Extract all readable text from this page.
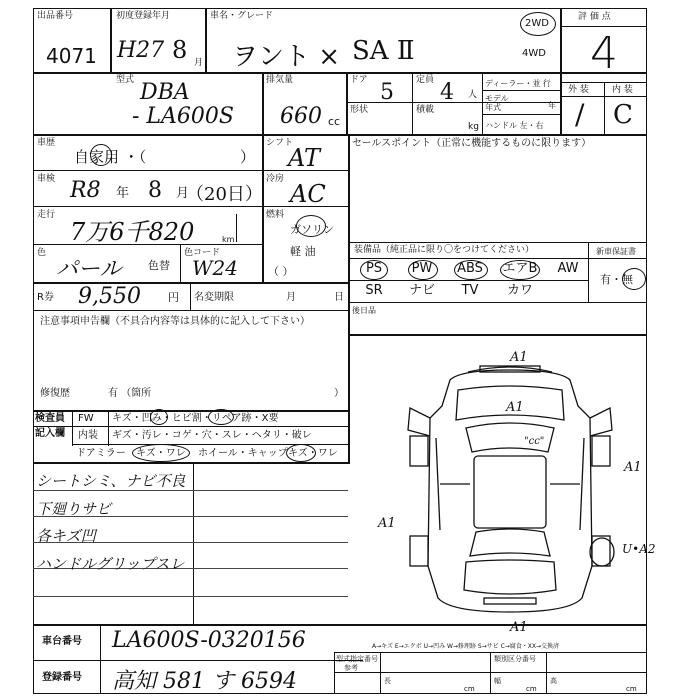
出品番号
4071
初度登録年月
H27 8 月
車名・グレード
ヲント × SA Ⅱ
2WD
4WD
評 価 点
4
外 装	内 装
/ C
型式 DBA
- LA600S
排気量
660 cc
ドア 5 定員 4 人
形状	積載
kg
ディーラー・並 行
モデル年式	年
ハンドル 左・右
車歴
自家用 ・（	）
シフト
AT
車検 R8 年 8 月
（20日）
冷房
AC
走行
7万6千820	km
燃料
ガソリン
軽 油
（ ）
色
パール 色替
色コード
W24
R券 9,550 円 名変期限	月	日
セールスポイント（正常に機能するものに限ります）
装備品（純正品に限り〇をつけてください）	新車保証書
PS	PW	ABS	エアB	AW
SR	ナビ	TV	カワ
有・無
後日品
注意事項申告欄（不具合内容等は具体的に記入して下さい）
修復歴	有 （箇所	）
検査員
記入欄
FW キズ・凹み・ヒビ割・リペア跡・X要
内装 ギズ・汚レ・コゲ・穴・スレ・ヘタリ・破レ
ドアミラー キズ・ワレ ホイール・キャップ キズ・ワレ
シートシミ、ナビ不良
下廻りサビ
各キズ凹
ハンドルグリップスレ
A1
A1
A1
A1
A1
U•A2
"cc"
車台番号 LA600S-0320156
登録番号 高知 581 す 6594
A→キズ E→エクボ U→凹み W→修理跡 S→サビ C→腐食・XX→交換済
型式指定番号
参考
類別区分番号
長	幅	高
cm	cm	cm
